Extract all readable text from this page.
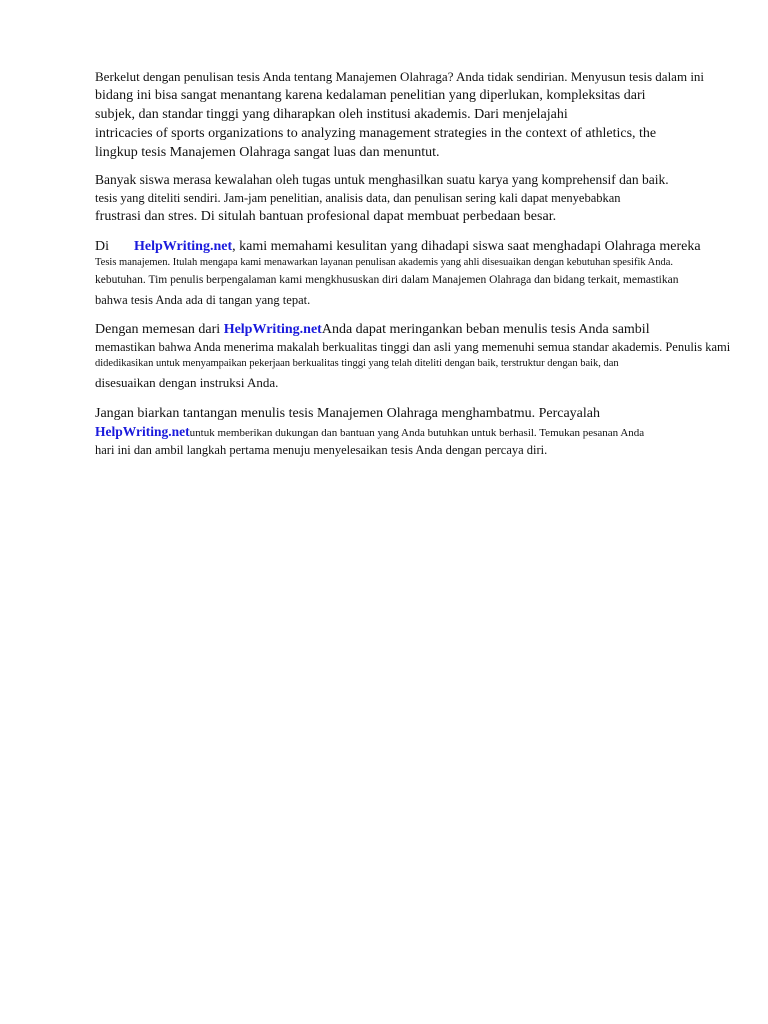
Berkelut dengan penulisan tesis Anda tentang Manajemen Olahraga? Anda tidak sendirian. Menyusun tesis dalam ini
bidang ini bisa sangat menantang karena kedalaman penelitian yang diperlukan, kompleksitas dari
subjek, dan standar tinggi yang diharapkan oleh institusi akademis. Dari menjelajahi
intricacies of sports organizations to analyzing management strategies in the context of athletics, the
lingkup tesis Manajemen Olahraga sangat luas dan menuntut.
Banyak siswa merasa kewalahan oleh tugas untuk menghasilkan suatu karya yang komprehensif dan baik.
tesis yang diteliti sendiri. Jam-jam penelitian, analisis data, dan penulisan sering kali dapat menyebabkan
frustrasi dan stres. Di situlah bantuan profesional dapat membuat perbedaan besar.
Di HelpWriting.net, kami memahami kesulitan yang dihadapi siswa saat menghadapi Olahraga mereka
Tesis manajemen. Itulah mengapa kami menawarkan layanan penulisan akademis yang ahli disesuaikan dengan kebutuhan spesifik Anda.
kebutuhan. Tim penulis berpengalaman kami mengkhususkan diri dalam Manajemen Olahraga dan bidang terkait, memastikan
bahwa tesis Anda ada di tangan yang tepat.
Dengan memesan dari HelpWriting.netAnda dapat meringankan beban menulis tesis Anda sambil
memastikan bahwa Anda menerima makalah berkualitas tinggi dan asli yang memenuhi semua standar akademis. Penulis kami
didedikasikan untuk menyampaikan pekerjaan berkualitas tinggi yang telah diteliti dengan baik, terstruktur dengan baik, dan
disesuaikan dengan instruksi Anda.
Jangan biarkan tantangan menulis tesis Manajemen Olahraga menghambatmu. Percayalah
HelpWriting.netuntuk memberikan dukungan dan bantuan yang Anda butuhkan untuk berhasil. Temukan pesanan Anda
hari ini dan ambil langkah pertama menuju menyelesaikan tesis Anda dengan percaya diri.
